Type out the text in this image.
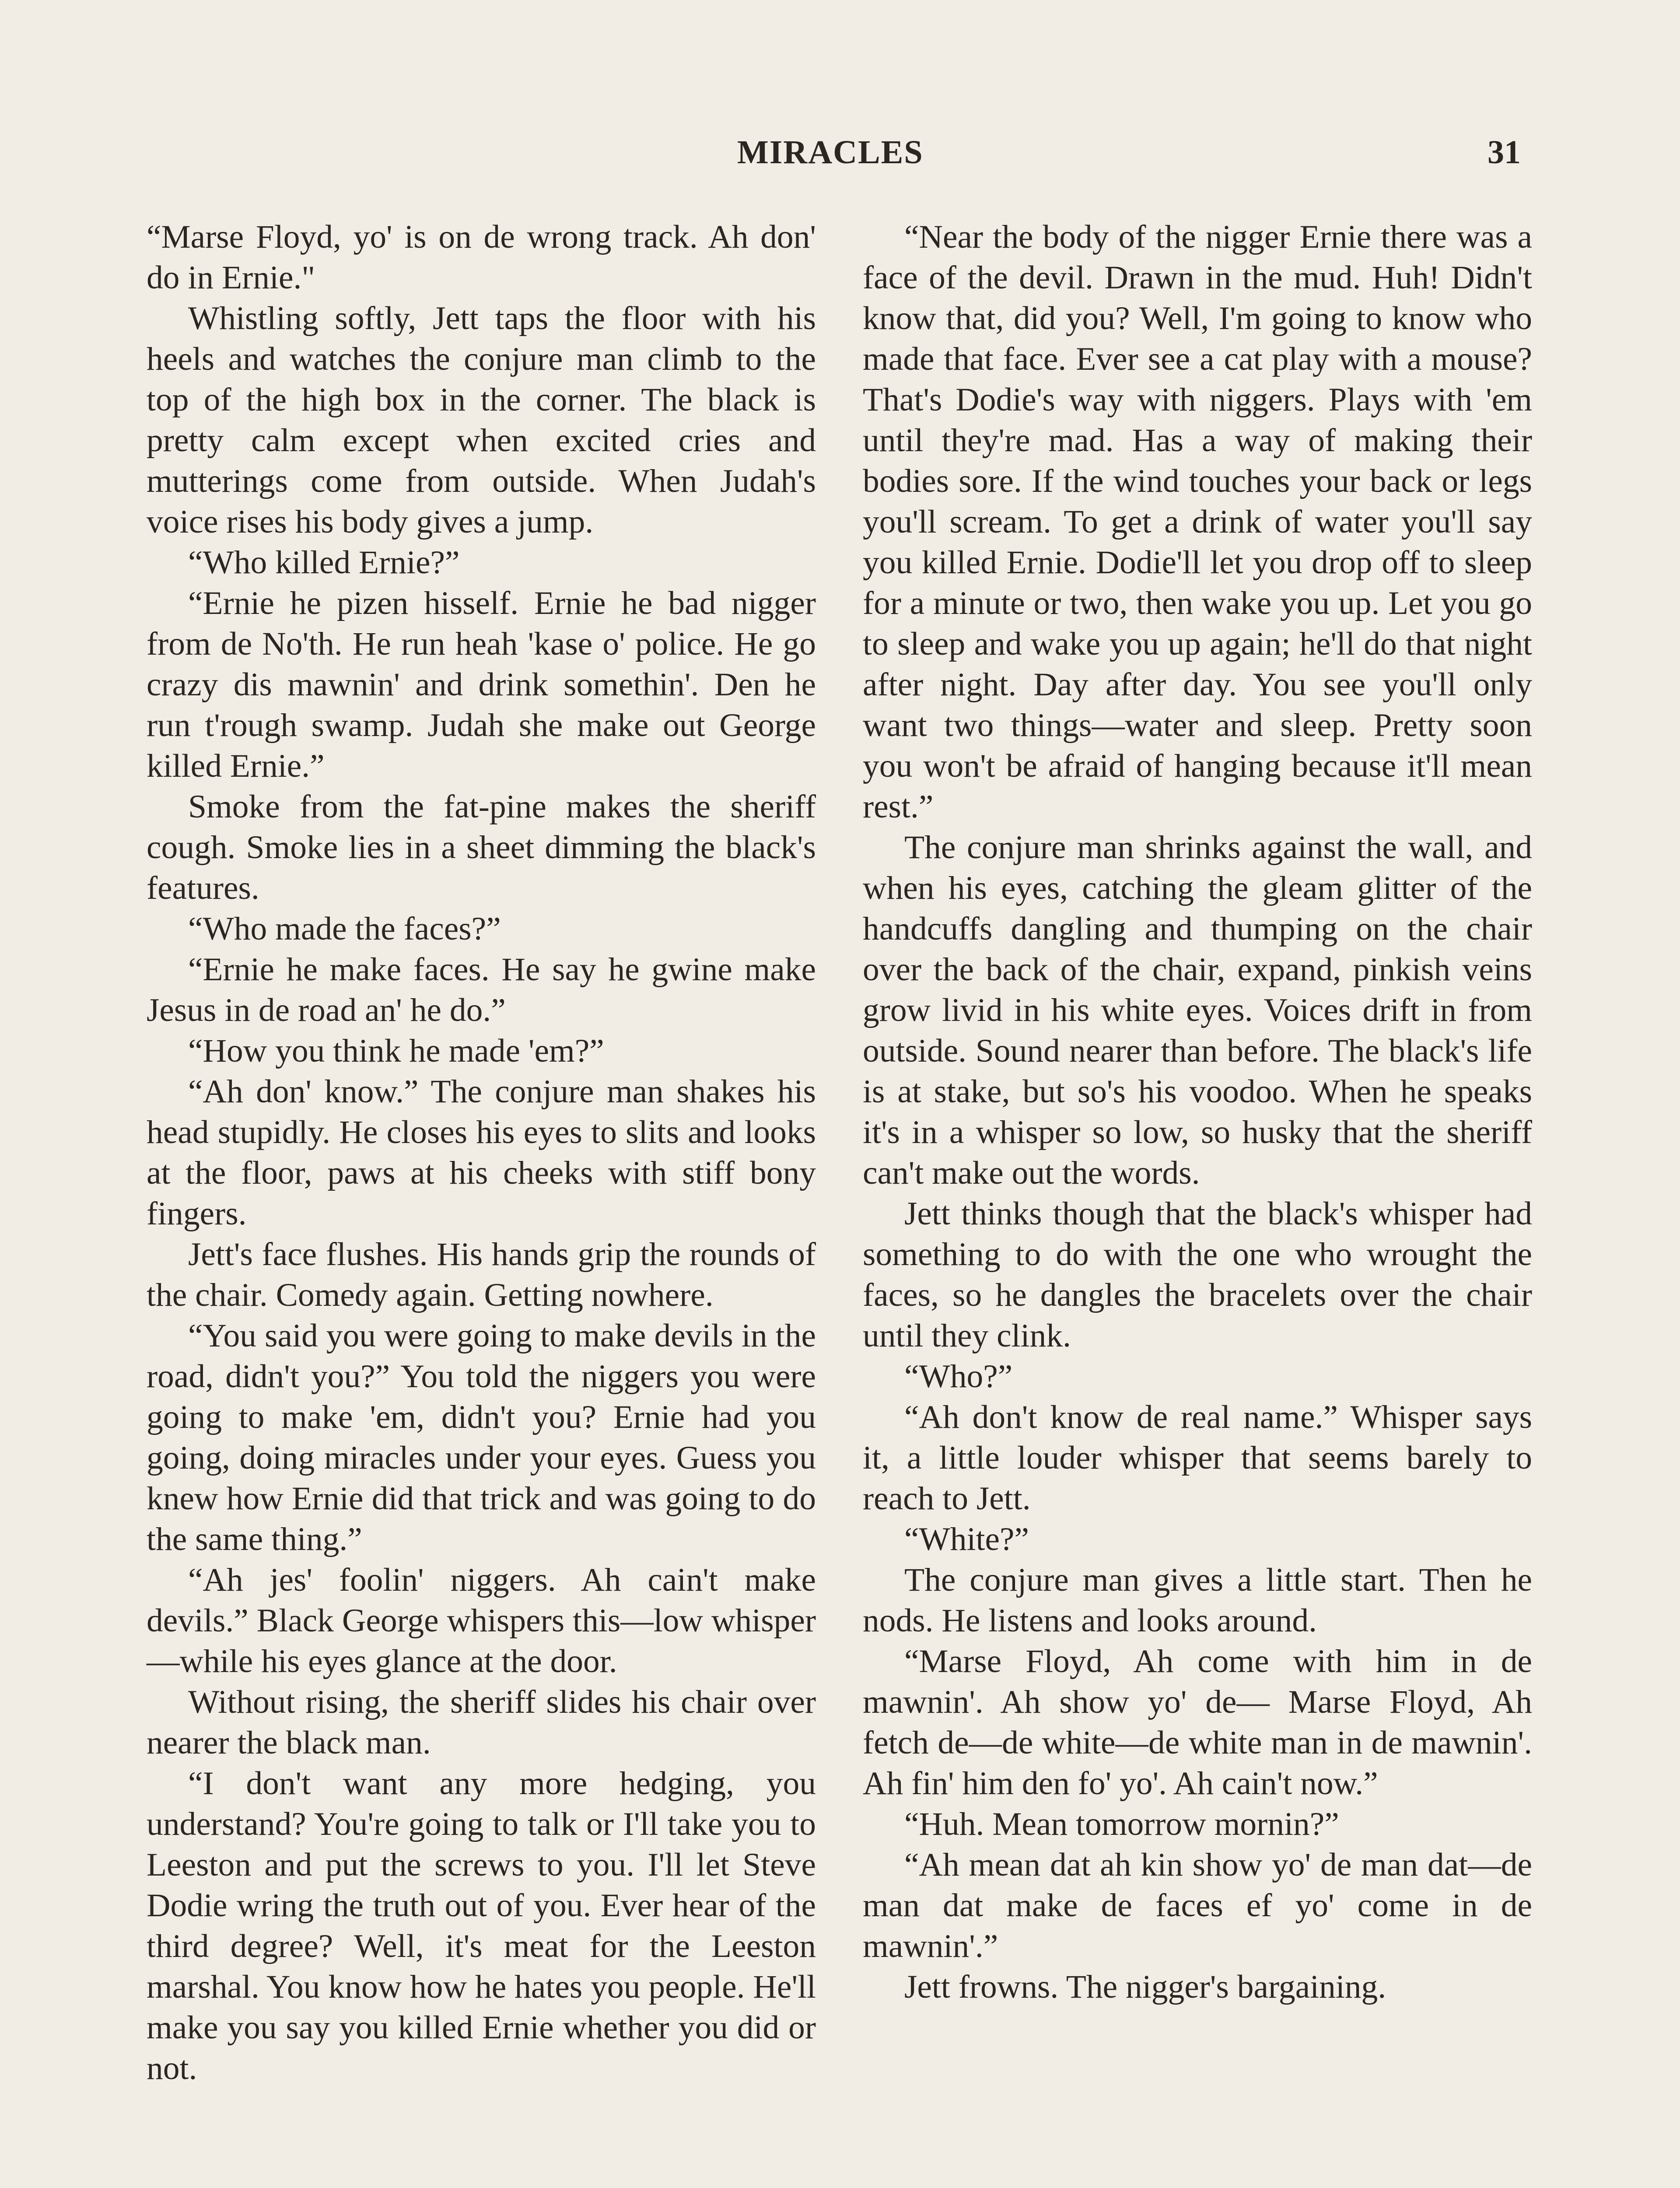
MIRACLES	31

“Marse Floyd, yo' is on de wrong track. Ah don' do in Ernie."

Whistling softly, Jett taps the floor with his heels and watches the conjure man climb to the top of the high box in the corner. The black is pretty calm except when excited cries and mutterings come from outside. When Judah's voice rises his body gives a jump.

“Who killed Ernie?”

“Ernie he pizen hisself. Ernie he bad nigger from de No'th. He run heah 'kase o' police. He go crazy dis mawnin' and drink somethin'. Den he run t'rough swamp. Judah she make out George killed Ernie.”

Smoke from the fat-pine makes the sheriff cough. Smoke lies in a sheet dimming the black's features.

“Who made the faces?”

“Ernie he make faces. He say he gwine make Jesus in de road an' he do.”

“How you think he made 'em?”

“Ah don' know.” The conjure man shakes his head stupidly. He closes his eyes to slits and looks at the floor, paws at his cheeks with stiff bony fingers.

Jett's face flushes. His hands grip the rounds of the chair. Comedy again. Getting nowhere.

“You said you were going to make devils in the road, didn't you?” You told the niggers you were going to make 'em, didn't you? Ernie had you going, doing miracles under your eyes. Guess you knew how Ernie did that trick and was going to do the same thing.”

“Ah jes' foolin' niggers. Ah cain't make devils.” Black George whispers this—low whisper—while his eyes glance at the door.

Without rising, the sheriff slides his chair over nearer the black man.

“I don't want any more hedging, you understand? You're going to talk or I'll take you to Leeston and put the screws to you. I'll let Steve Dodie wring the truth out of you. Ever hear of the third degree? Well, it's meat for the Leeston marshal. You know how he hates you people. He'll make you say you killed Ernie whether you did or not.

“Near the body of the nigger Ernie there was a face of the devil. Drawn in the mud. Huh! Didn't know that, did you? Well, I'm going to know who made that face. Ever see a cat play with a mouse? That's Dodie's way with niggers. Plays with 'em until they're mad. Has a way of making their bodies sore. If the wind touches your back or legs you'll scream. To get a drink of water you'll say you killed Ernie. Dodie'll let you drop off to sleep for a minute or two, then wake you up. Let you go to sleep and wake you up again; he'll do that night after night. Day after day. You see you'll only want two things—water and sleep. Pretty soon you won't be afraid of hanging because it'll mean rest.”

The conjure man shrinks against the wall, and when his eyes, catching the gleam glitter of the handcuffs dangling and thumping on the chair over the back of the chair, expand, pinkish veins grow livid in his white eyes. Voices drift in from outside. Sound nearer than before. The black's life is at stake, but so's his voodoo. When he speaks it's in a whisper so low, so husky that the sheriff can't make out the words.

Jett thinks though that the black's whisper had something to do with the one who wrought the faces, so he dangles the bracelets over the chair until they clink.

“Who?”

“Ah don't know de real name.” Whisper says it, a little louder whisper that seems barely to reach to Jett.

“White?”

The conjure man gives a little start. Then he nods. He listens and looks around.

“Marse Floyd, Ah come with him in de mawnin'. Ah show yo' de— Marse Floyd, Ah fetch de—de white—de white man in de mawnin'. Ah fin' him den fo' yo'. Ah cain't now.”

“Huh. Mean tomorrow mornin?”

“Ah mean dat ah kin show yo' de man dat—de man dat make de faces ef yo' come in de mawnin'.”

Jett frowns. The nigger's bargaining.
